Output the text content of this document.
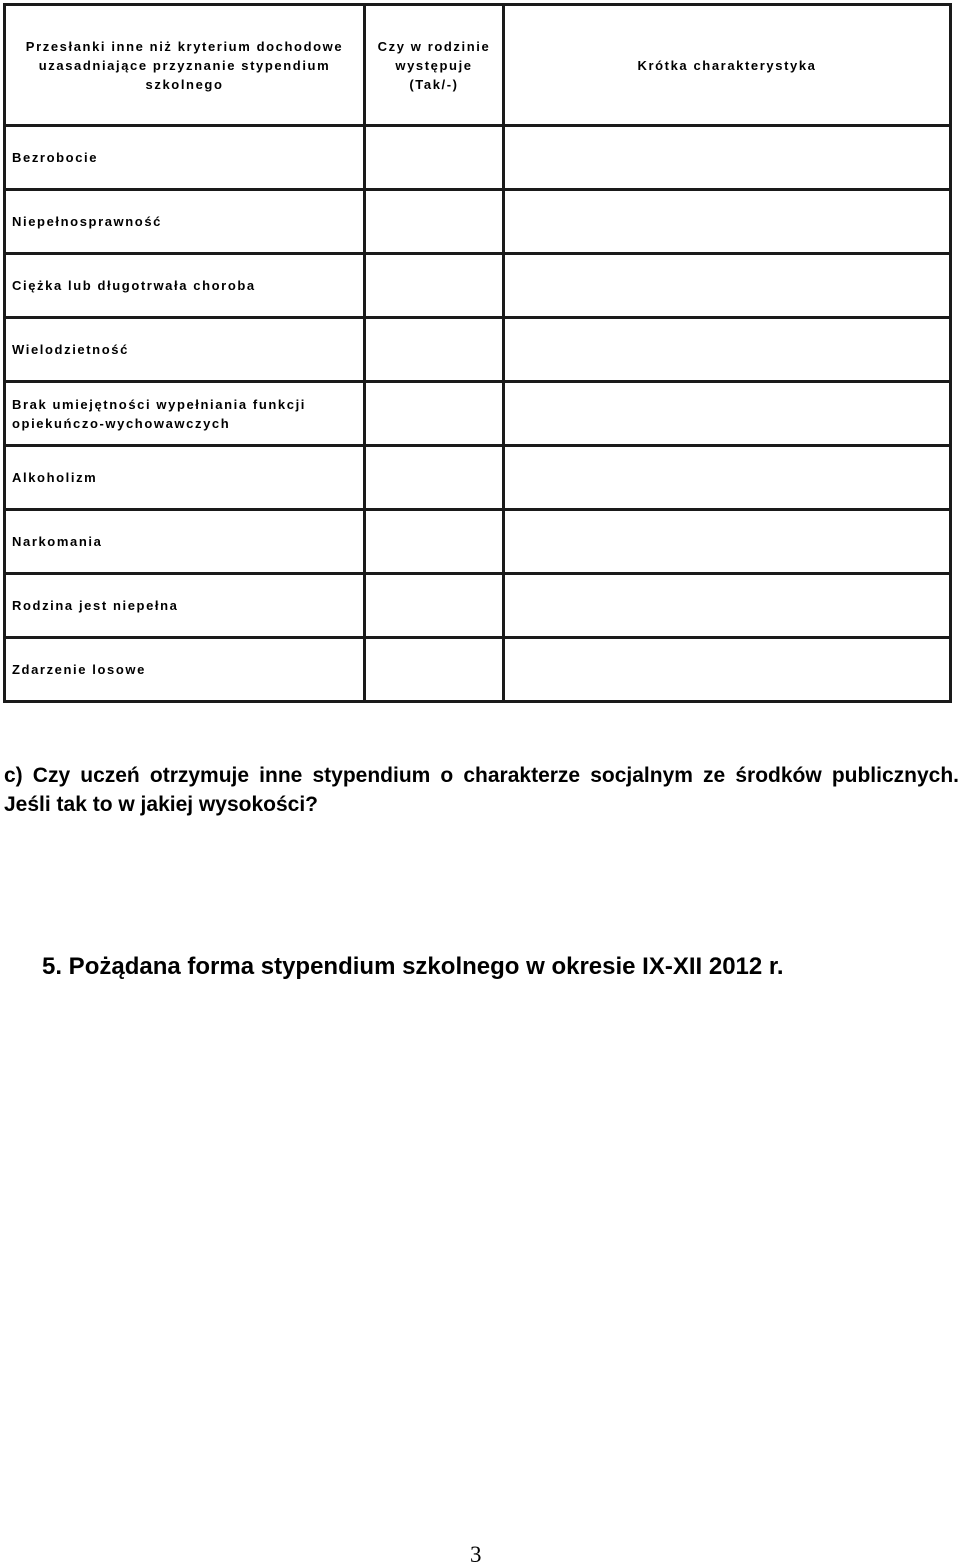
Przesłanki inne niż kryterium dochodowe uzasadniające przyznanie stypendium szkolnego	Czy w rodzinie występuje (Tak/-)	Krótka charakterystyka
Bezrobocie		
Niepełnosprawność		
Ciężka lub długotrwała choroba		
Wielodzietność		
Brak umiejętności wypełniania funkcji opiekuńczo-wychowawczych		
Alkoholizm		
Narkomania		
Rodzina jest niepełna		
Zdarzenie losowe		
c) Czy uczeń otrzymuje inne stypendium o charakterze socjalnym ze środków publicznych. Jeśli tak to w jakiej wysokości?
5. Pożądana forma stypendium szkolnego w okresie IX-XII 2012 r.
3
